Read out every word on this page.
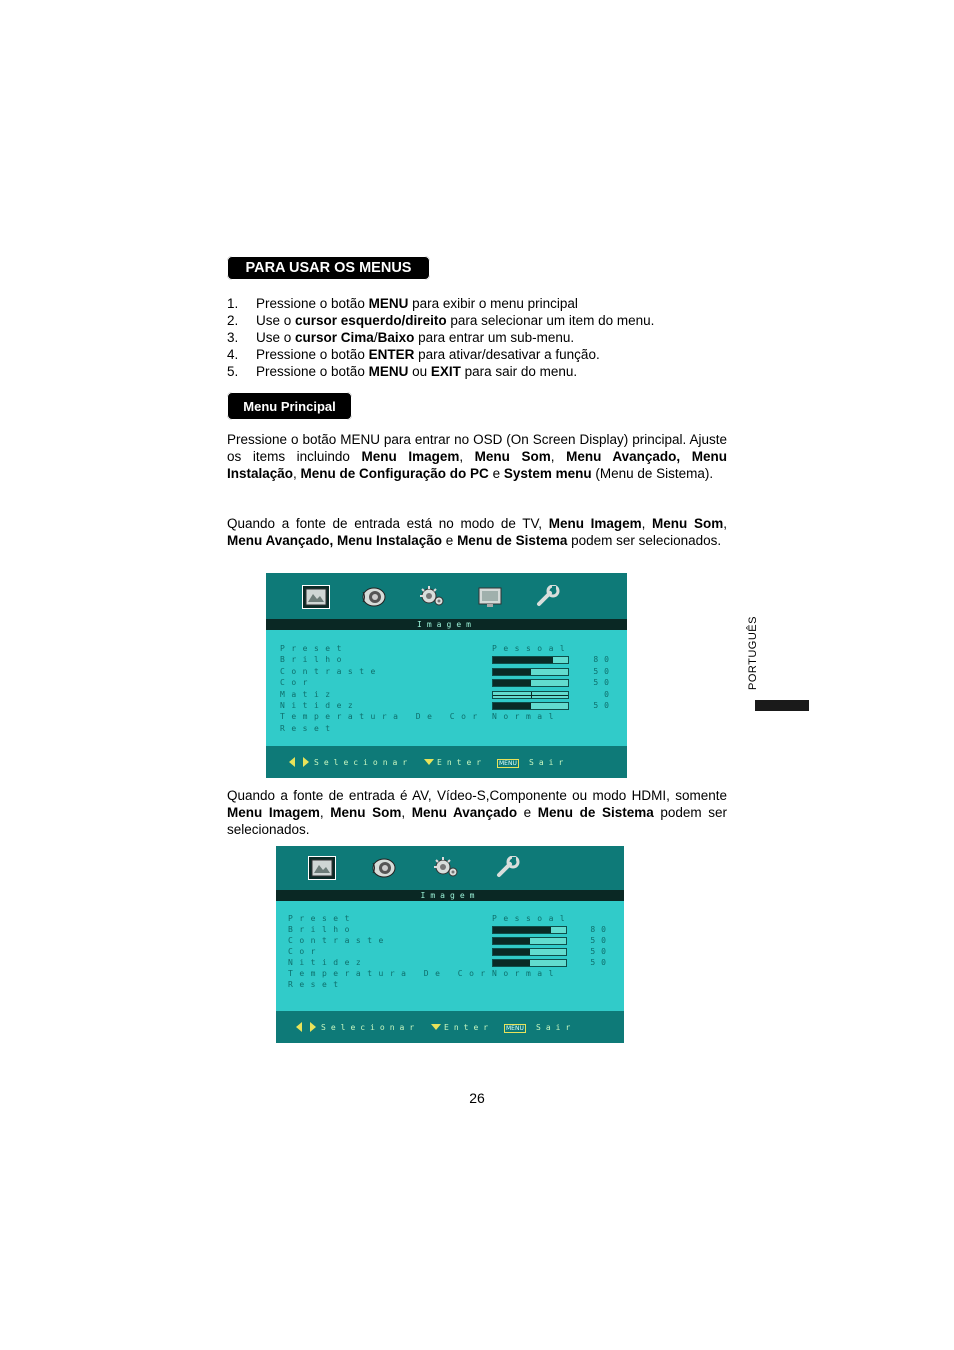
PARA USAR OS MENUS
1.	Pressione o botão MENU para exibir o menu principal
2.	Use o cursor esquerdo/direito para selecionar um item do menu.
3.	Use o cursor Cima/Baixo para entrar um sub-menu.
4.	Pressione o botão ENTER para ativar/desativar a função.
5.	Pressione o botão MENU ou EXIT para sair do menu.
Menu Principal

Pressione o botão MENU para entrar no OSD (On Screen Display) principal. Ajuste os items incluindo Menu Imagem, Menu Som, Menu Avançado, Menu Instalação, Menu de Configuração do PC e System menu (Menu de Sistema).

Quando a fonte de entrada está no modo de TV, Menu Imagem, Menu Som, Menu Avançado, Menu Instalação e Menu de Sistema podem ser selecionados.

Imagem
Preset	Pessoal
Brilho	80
Contraste	50
Cor	50
Matiz	0
Nitidez	50
Temperatura De Cor Normal
Reset
Selecionar	Enter	MENU Sair

Quando a fonte de entrada é AV, Vídeo-S,Componente ou modo HDMI, somente Menu Imagem, Menu Som, Menu Avançado e Menu de Sistema podem ser selecionados.

Imagem
Preset	Pessoal
Brilho	80
Contraste	50
Cor	50
Nitidez	50
Temperatura De Cor Normal
Reset
Selecionar	Enter	MENU Sair
PORTUGUÊS
26
